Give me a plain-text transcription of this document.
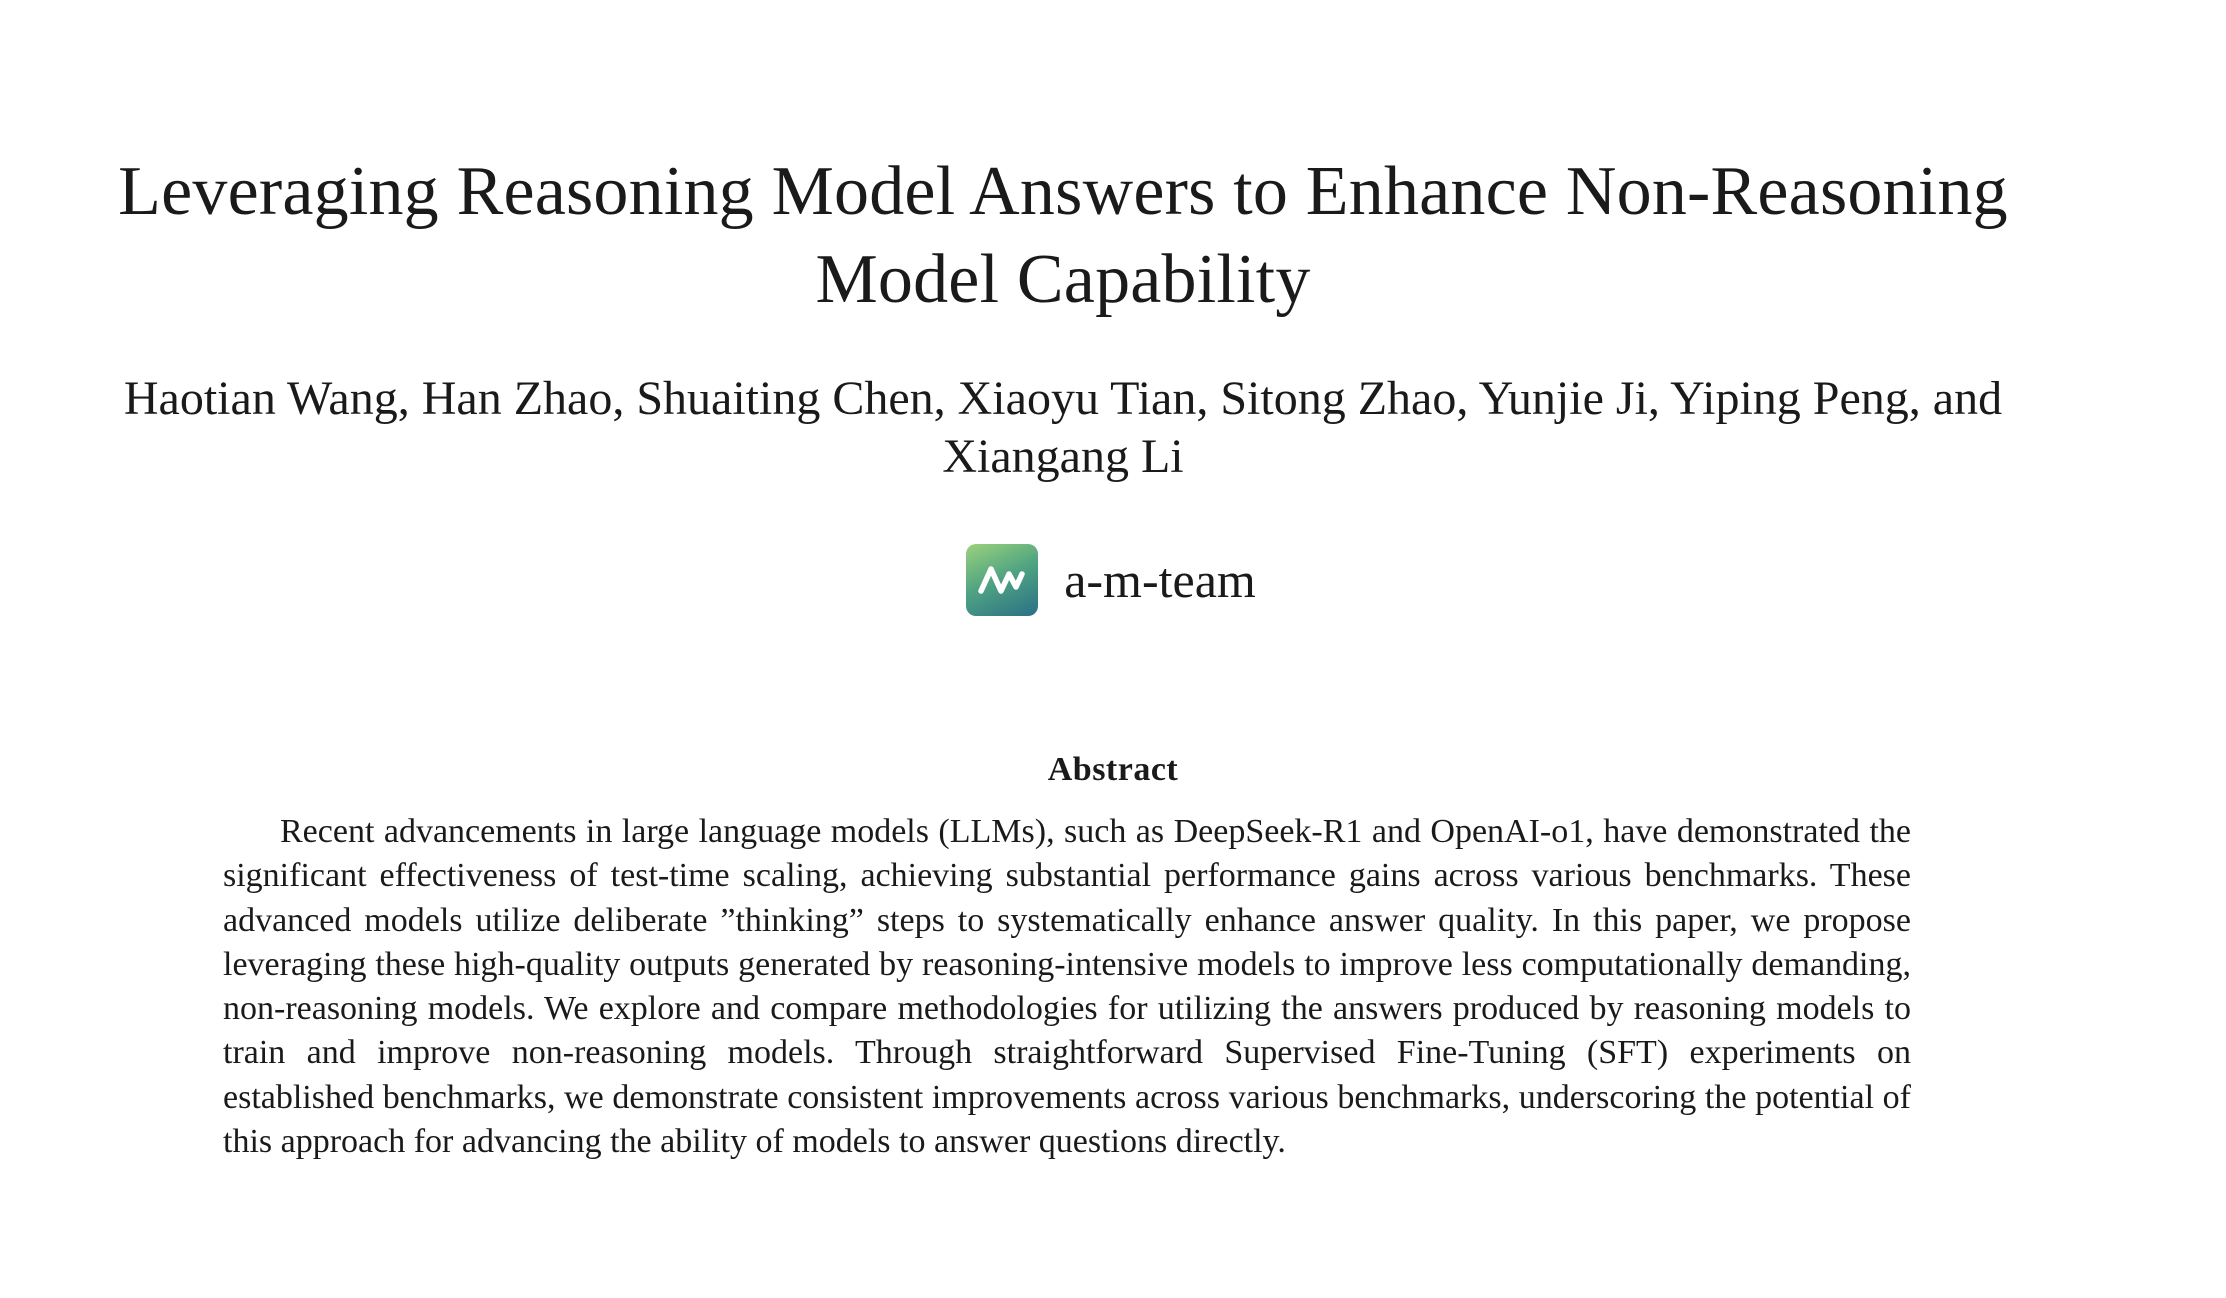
Leveraging Reasoning Model Answers to Enhance Non-Reasoning Model Capability

Haotian Wang, Han Zhao, Shuaiting Chen, Xiaoyu Tian, Sitong Zhao, Yunjie Ji, Yiping Peng, and Xiangang Li

a-m-team
Abstract

Recent advancements in large language models (LLMs), such as DeepSeek-R1 and OpenAI-o1, have demonstrated the significant effectiveness of test-time scaling, achieving substantial performance gains across various benchmarks. These advanced models utilize deliberate ”thinking” steps to systematically enhance answer quality. In this paper, we propose leveraging these high-quality outputs generated by reasoning-intensive models to improve less computationally demanding, non-reasoning models. We explore and compare methodologies for utilizing the answers produced by reasoning models to train and improve non-reasoning models. Through straightforward Supervised Fine-Tuning (SFT) experiments on established benchmarks, we demonstrate consistent improvements across various benchmarks, underscoring the potential of this approach for advancing the ability of models to answer questions directly.
